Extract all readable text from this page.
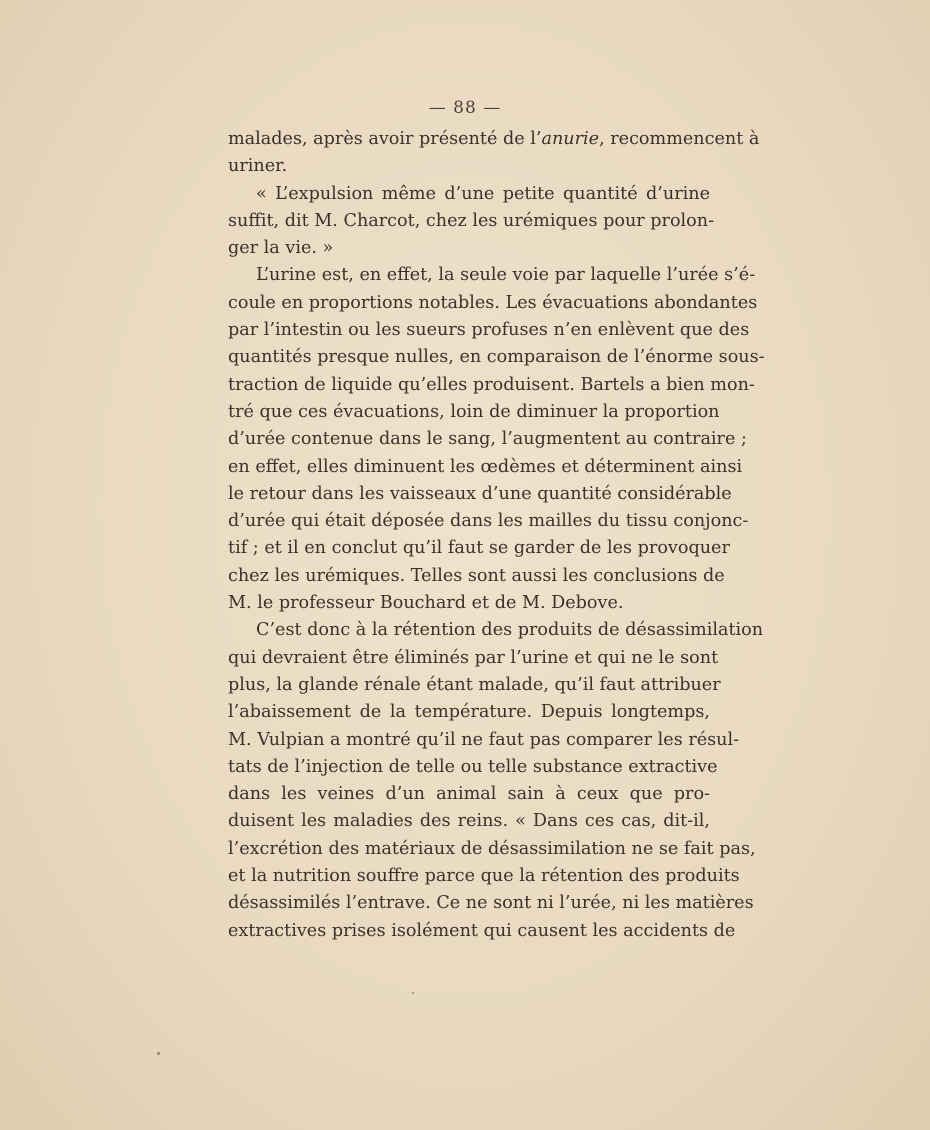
— 88 —
malades, après avoir présenté de l’anurie, recommencent à
uriner.
« L’expulsion même d’une petite quantité d’urine
suffit, dit M. Charcot, chez les urémiques pour prolon-
ger la vie. »
L’urine est, en effet, la seule voie par laquelle l’urée s’é-
coule en proportions notables. Les évacuations abondantes
par l’intestin ou les sueurs profuses n’en enlèvent que des
quantités presque nulles, en comparaison de l’énorme sous-
traction de liquide qu’elles produisent. Bartels a bien mon-
tré que ces évacuations, loin de diminuer la proportion
d’urée contenue dans le sang, l’augmentent au contraire ;
en effet, elles diminuent les œdèmes et déterminent ainsi
le retour dans les vaisseaux d’une quantité considérable
d’urée qui était déposée dans les mailles du tissu conjonc-
tif ; et il en conclut qu’il faut se garder de les provoquer
chez les urémiques. Telles sont aussi les conclusions de
M. le professeur Bouchard et de M. Debove.
C’est donc à la rétention des produits de désassimilation
qui devraient être éliminés par l’urine et qui ne le sont
plus, la glande rénale étant malade, qu’il faut attribuer
l’abaissement de la température. Depuis longtemps,
M. Vulpian a montré qu’il ne faut pas comparer les résul-
tats de l’injection de telle ou telle substance extractive
dans les veines d’un animal sain à ceux que pro-
duisent les maladies des reins. « Dans ces cas, dit-il,
l’excrétion des matériaux de désassimilation ne se fait pas,
et la nutrition souffre parce que la rétention des produits
désassimilés l’entrave. Ce ne sont ni l’urée, ni les matières
extractives prises isolément qui causent les accidents de
